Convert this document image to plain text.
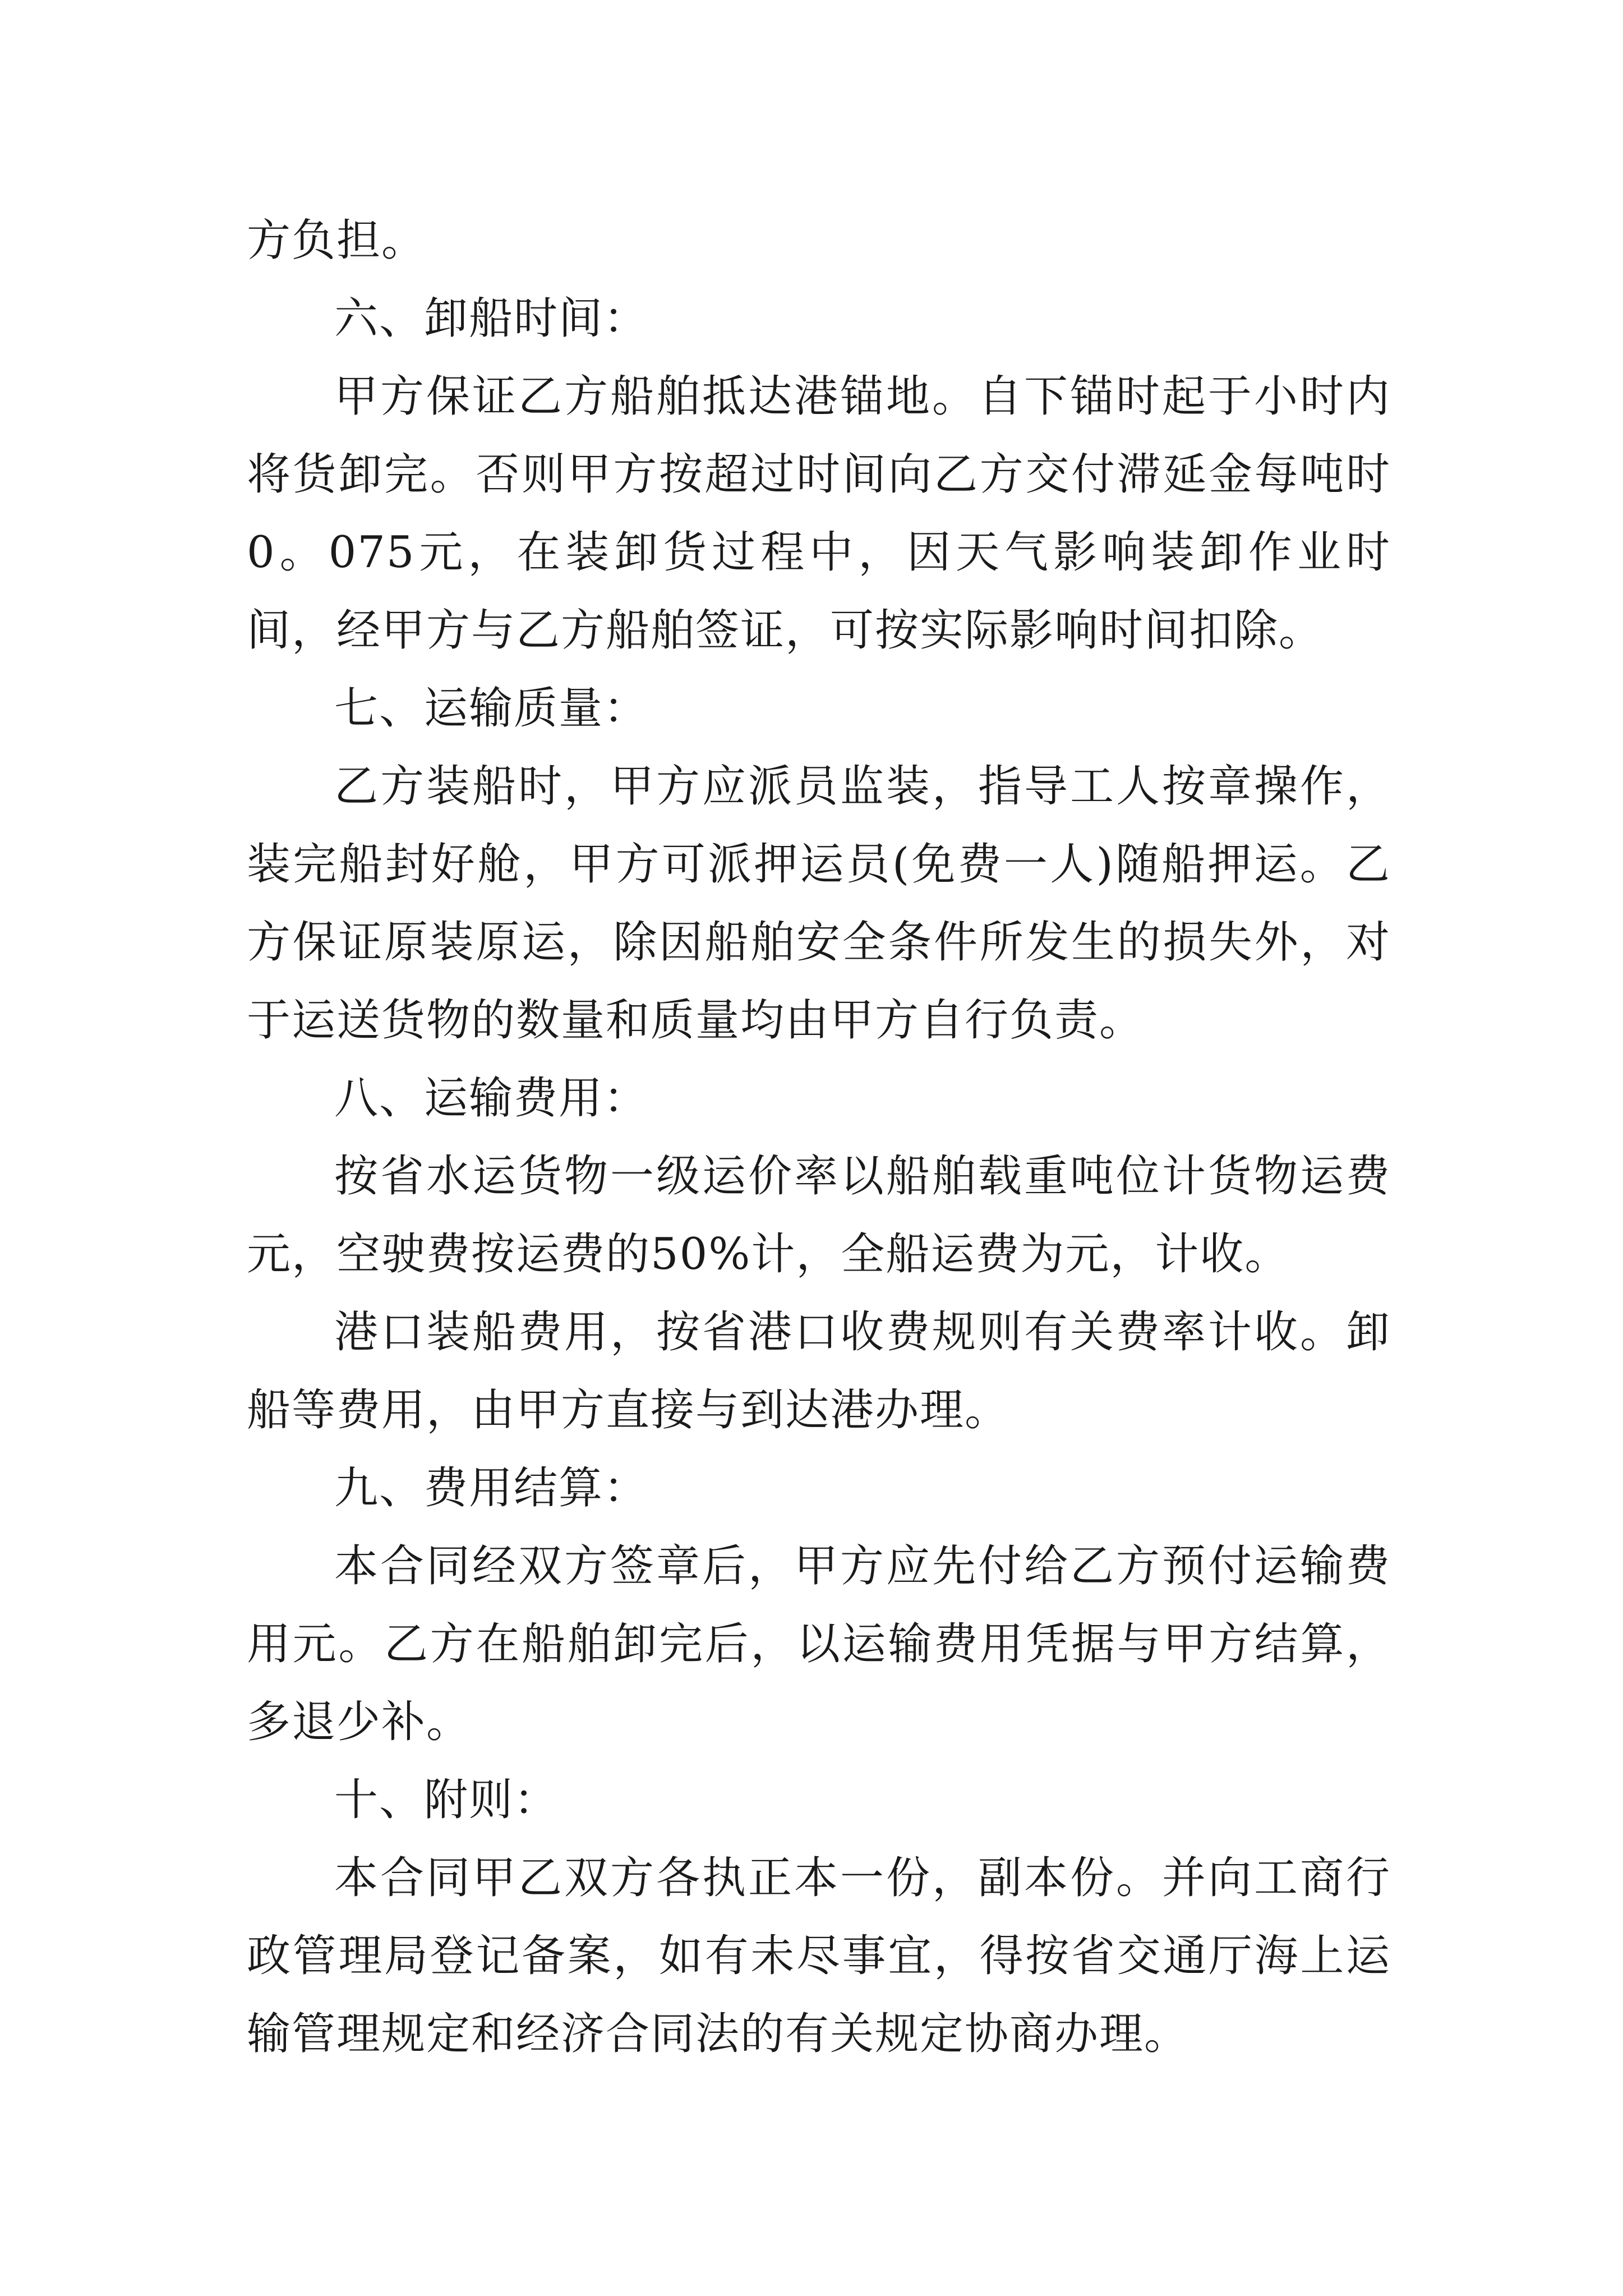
方负担。

六、卸船时间：

甲方保证乙方船舶抵达港锚地。自下锚时起于小时内将货卸完。否则甲方按超过时间向乙方交付滞延金每吨时0。075元，在装卸货过程中，因天气影响装卸作业时间，经甲方与乙方船舶签证，可按实际影响时间扣除。

七、运输质量：

乙方装船时，甲方应派员监装，指导工人按章操作，装完船封好舱，甲方可派押运员(免费一人)随船押运。乙方保证原装原运，除因船舶安全条件所发生的损失外，对于运送货物的数量和质量均由甲方自行负责。

八、运输费用：

按省水运货物一级运价率以船舶载重吨位计货物运费元，空驶费按运费的50%计，全船运费为元，计收。

港口装船费用，按省港口收费规则有关费率计收。卸船等费用，由甲方直接与到达港办理。

九、费用结算：

本合同经双方签章后，甲方应先付给乙方预付运输费用元。乙方在船舶卸完后，以运输费用凭据与甲方结算，多退少补。

十、附则：

本合同甲乙双方各执正本一份，副本份。并向工商行政管理局登记备案，如有未尽事宜，得按省交通厅海上运输管理规定和经济合同法的有关规定协商办理。
